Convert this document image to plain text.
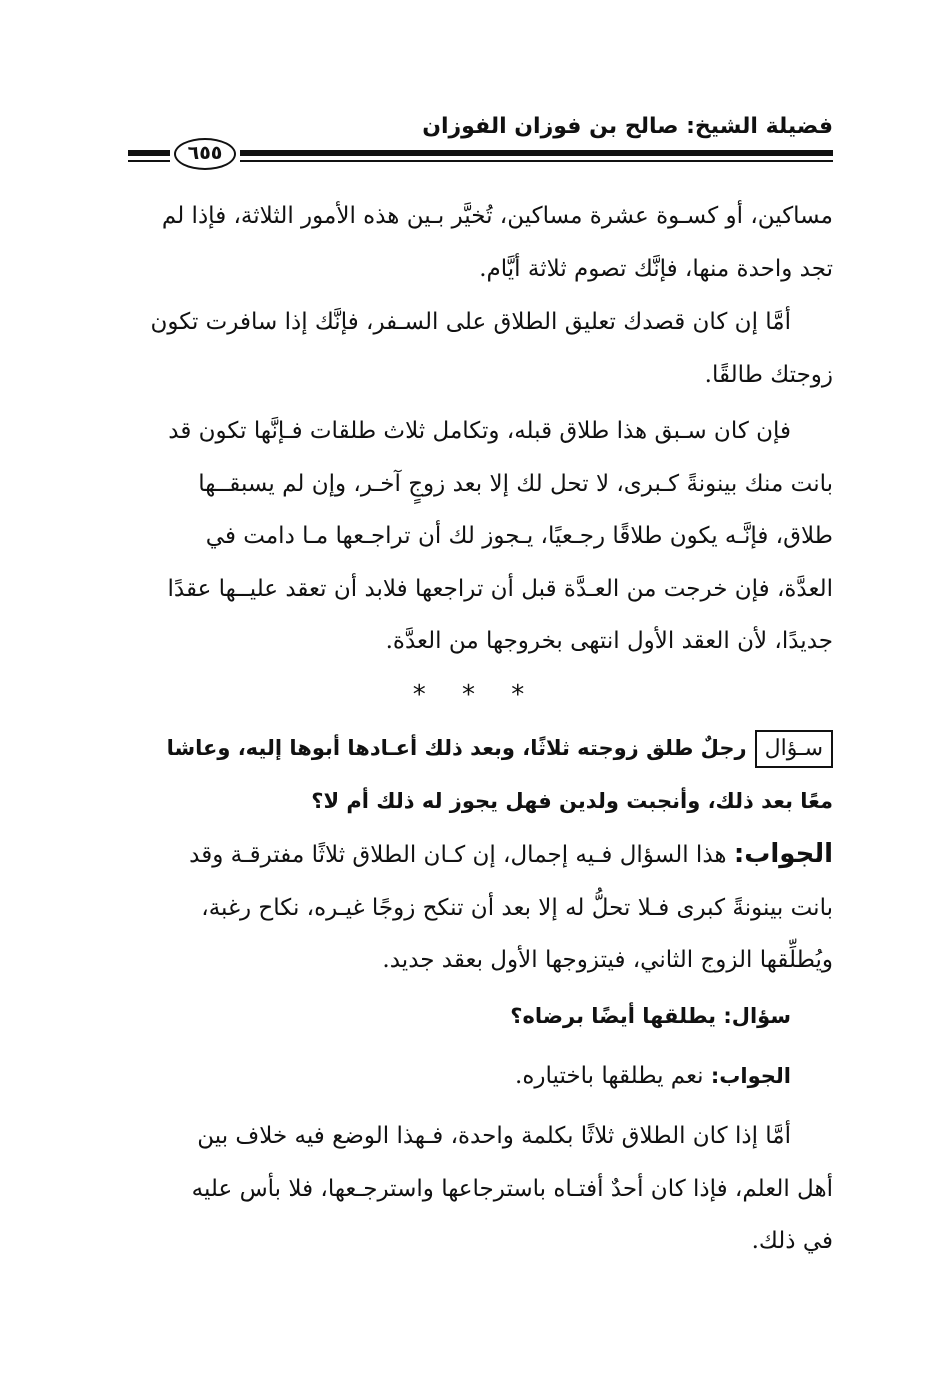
فضيلة الشيخ: صالح بن فوزان الفوزان
٦٥٥
مساكين، أو كسـوة عشرة مساكين، تُخيَّر بـين هذه الأمور الثلاثة، فإذا لم
تجد واحدة منها، فإنَّك تصوم ثلاثة أيَّام.
أمَّا إن كان قصدك تعليق الطلاق على السـفر، فإنَّك إذا سافرت تكون
زوجتك طالقًا.
فإن كان سـبق هذا طلاق قبله، وتكامل ثلاث طلقات فـإنَّها تكون قد
بانت منك بينونةً كـبرى، لا تحل لك إلا بعد زوجٍ آخـر، وإن لم يسبقــها
طلاق، فإنَّـه يكون طلاقًا رجـعيًا، يـجوز لك أن تراجـعها مـا دامت في
العدَّة، فإن خرجت من العـدَّة قبل أن تراجعها فلابد أن تعقد عليــها عقدًا
جديدًا، لأن العقد الأول انتهى بخروجها من العدَّة.
* * *
سـؤالرجلٌ طلق زوجته ثلاثًا، وبعد ذلك أعـادها أبوها إليه، وعاشا
معًا بعد ذلك، وأنجبت ولدين فهل يجوز له ذلك أم لا؟
الجواب: هذا السؤال فـيه إجمال، إن كـان الطلاق ثلاثًا مفترقـة وقد
بانت بينونةً كبرى فـلا تحلُّ له إلا بعد أن تنكح زوجًا غيـره، نكاح رغبة،
ويُطلِّقها الزوج الثاني، فيتزوجها الأول بعقد جديد.
سؤال: يطلقها أيضًا برضاه؟
الجواب: نعم يطلقها باختياره.
أمَّا إذا كان الطلاق ثلاثًا بكلمة واحدة، فـهذا الوضع فيه خلاف بين
أهل العلم، فإذا كان أحدٌ أفتـاه باسترجاعها واسترجـعها، فلا بأس عليه
في ذلك.
